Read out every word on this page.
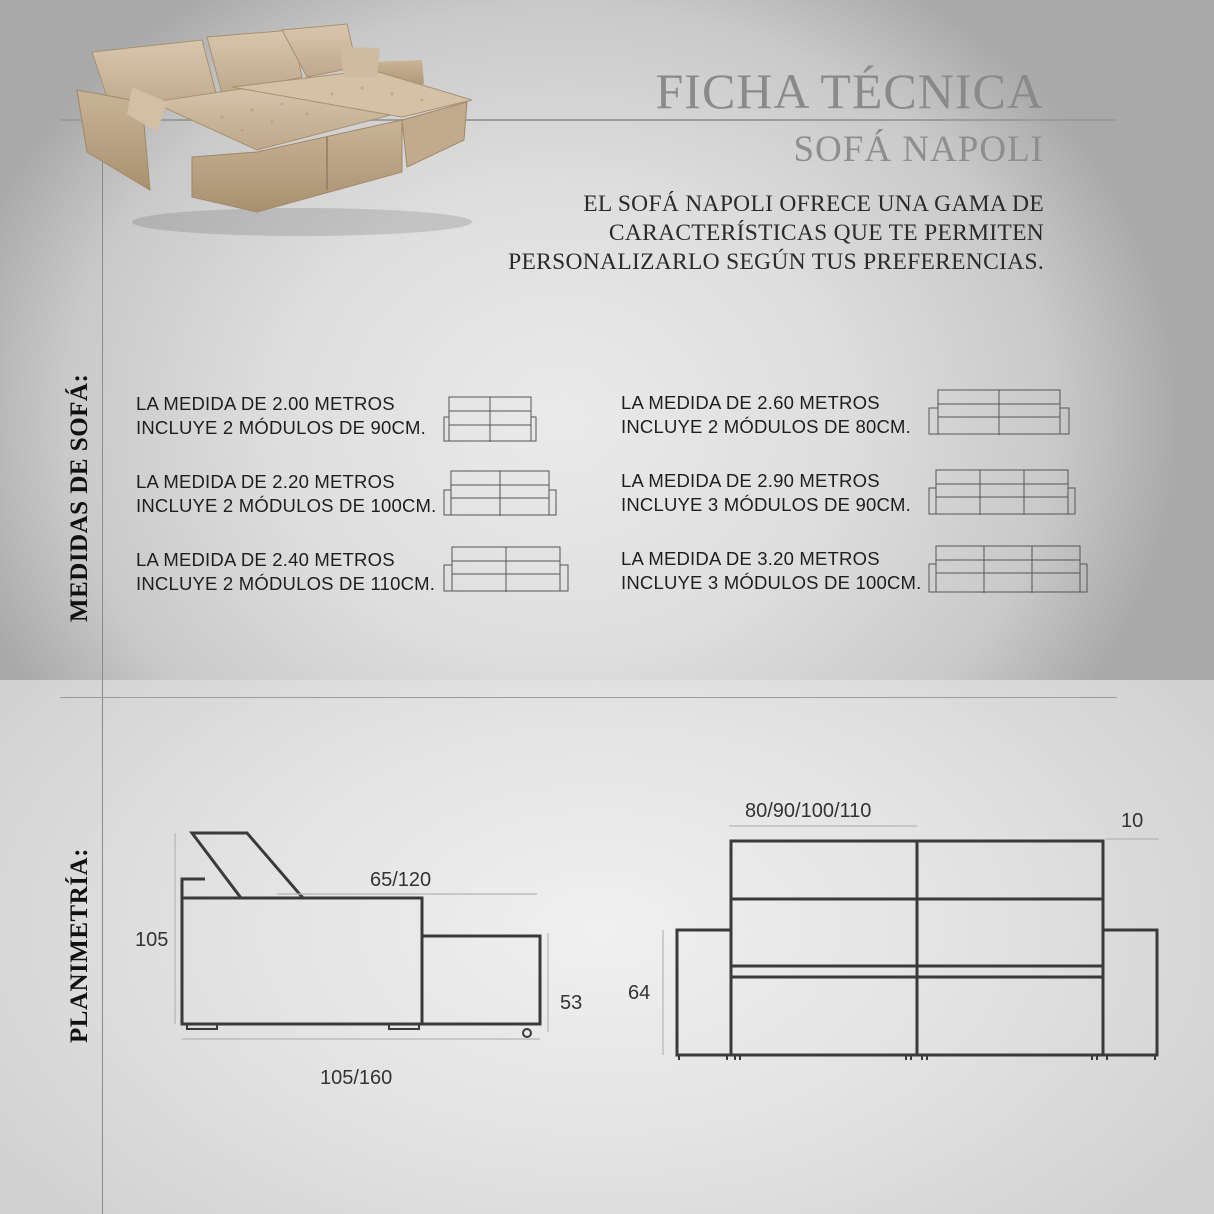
FICHA TÉCNICA
SOFÁ NAPOLI
EL SOFÁ NAPOLI OFRECE UNA GAMA DE CARACTERÍSTICAS QUE TE PERMITEN PERSONALIZARLO SEGÚN TUS PREFERENCIAS.
MEDIDAS DE SOFÁ:
PLANIMETRÍA:
LA MEDIDA DE 2.00 METROS
INCLUYE 2 MÓDULOS DE 90CM.
LA MEDIDA DE 2.20 METROS
INCLUYE 2 MÓDULOS DE 100CM.
LA MEDIDA DE 2.40 METROS
INCLUYE 2 MÓDULOS DE 110CM.
LA MEDIDA DE 2.60 METROS
INCLUYE 2 MÓDULOS DE 80CM.
LA MEDIDA DE 2.90 METROS
INCLUYE 3 MÓDULOS DE 90CM.
LA MEDIDA DE 3.20 METROS
INCLUYE 3 MÓDULOS DE 100CM.
105
65/120
105/160
53
80/90/100/110	10
64
